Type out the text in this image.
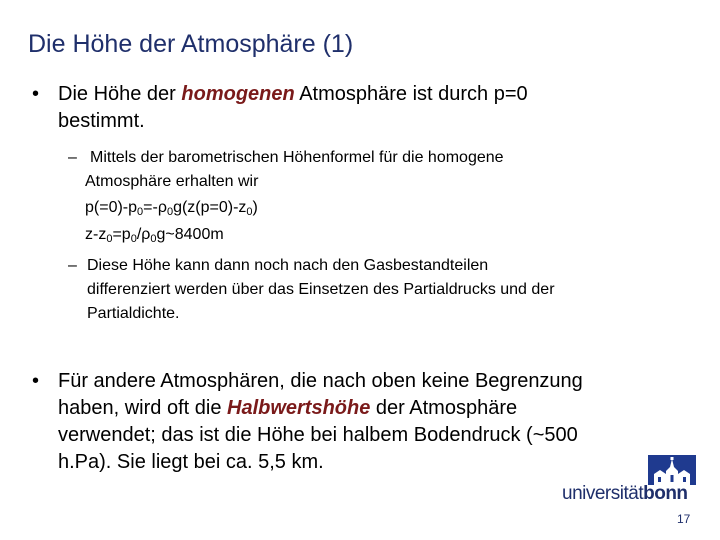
Die Höhe der Atmosphäre (1)
• Die Höhe der homogenen Atmosphäre ist durch p=0
bestimmt.
– Mittels der barometrischen Höhenformel für die homogene
Atmosphäre erhalten wir
$p(=0)-p_0=-\rho_0g(z(p=0)-z_0)$
$z-z_0=p_0/\rho_0g\sim 8400m$
– Diese Höhe kann dann noch nach den Gasbestandteilen
differenziert werden über das Einsetzen des Partialdrucks und der
Partialdichte.
• Für andere Atmosphären, die nach oben keine Begrenzung
haben, wird oft die Halbwertshöhe der Atmosphäre
verwendet; das ist die Höhe bei halbem Bodendruck (~500
h.Pa). Sie liegt bei ca. 5,5 km.
universitätbonn
17
